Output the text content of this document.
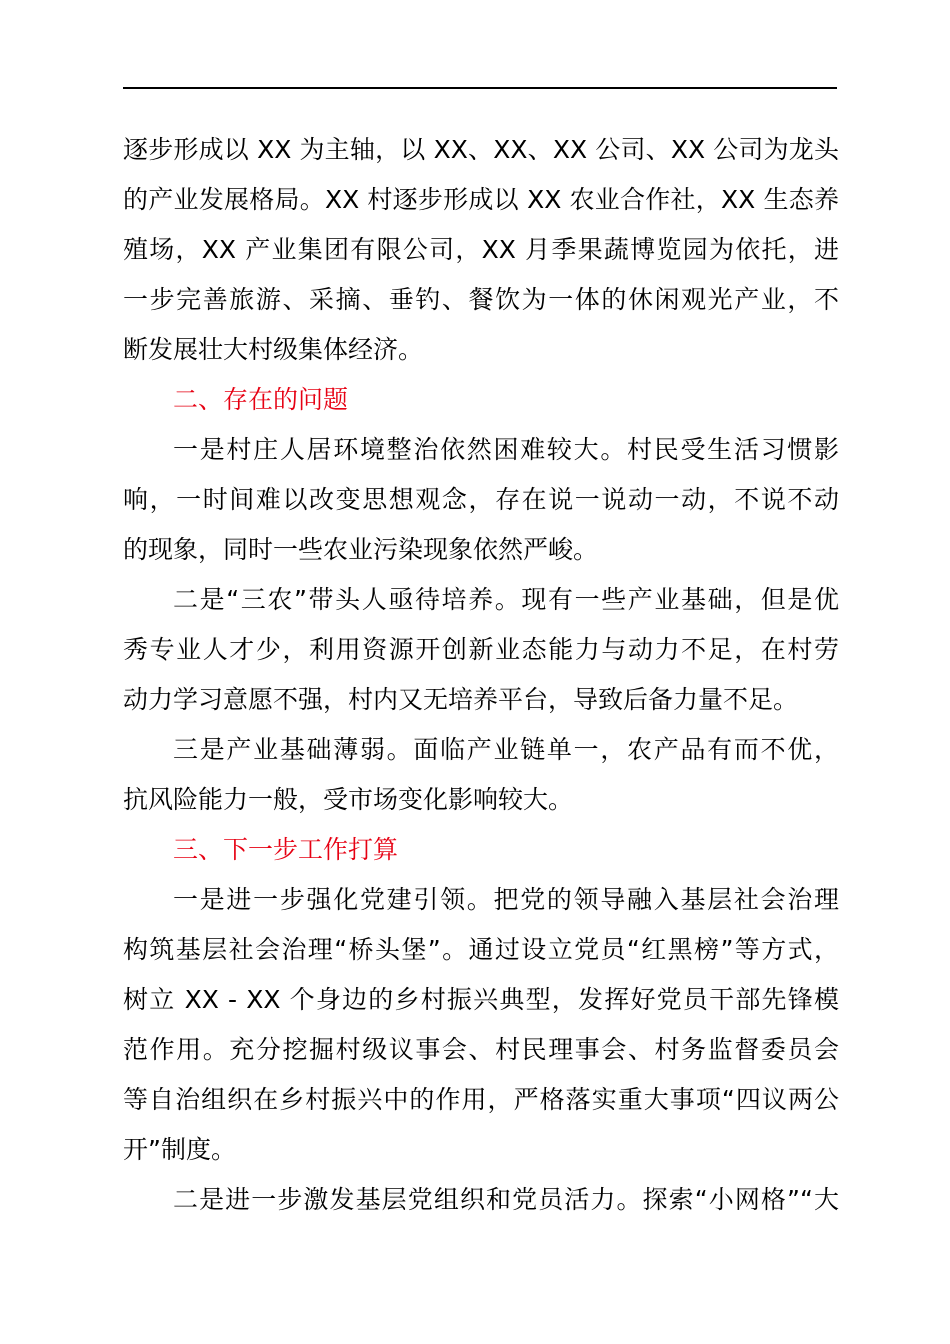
逐步形成以 XX 为主轴，以 XX、XX、XX 公司、XX 公司为龙头
的产业发展格局。XX 村逐步形成以 XX 农业合作社，XX 生态养
殖场，XX 产业集团有限公司，XX 月季果蔬博览园为依托，进
一步完善旅游、采摘、垂钓、餐饮为一体的休闲观光产业，不
断发展壮大村级集体经济。
二、存在的问题
一是村庄人居环境整治依然困难较大。村民受生活习惯影
响，一时间难以改变思想观念，存在说一说动一动，不说不动
的现象，同时一些农业污染现象依然严峻。
二是“三农”带头人亟待培养。现有一些产业基础，但是优
秀专业人才少，利用资源开创新业态能力与动力不足，在村劳
动力学习意愿不强，村内又无培养平台，导致后备力量不足。
三是产业基础薄弱。面临产业链单一，农产品有而不优，
抗风险能力一般，受市场变化影响较大。
三、下一步工作打算
一是进一步强化党建引领。把党的领导融入基层社会治理
构筑基层社会治理“桥头堡”。通过设立党员“红黑榜”等方式，
树立 XX - XX 个身边的乡村振兴典型，发挥好党员干部先锋模
范作用。充分挖掘村级议事会、村民理事会、村务监督委员会
等自治组织在乡村振兴中的作用，严格落实重大事项“四议两公
开”制度。
二是进一步激发基层党组织和党员活力。探索“小网格”“大
